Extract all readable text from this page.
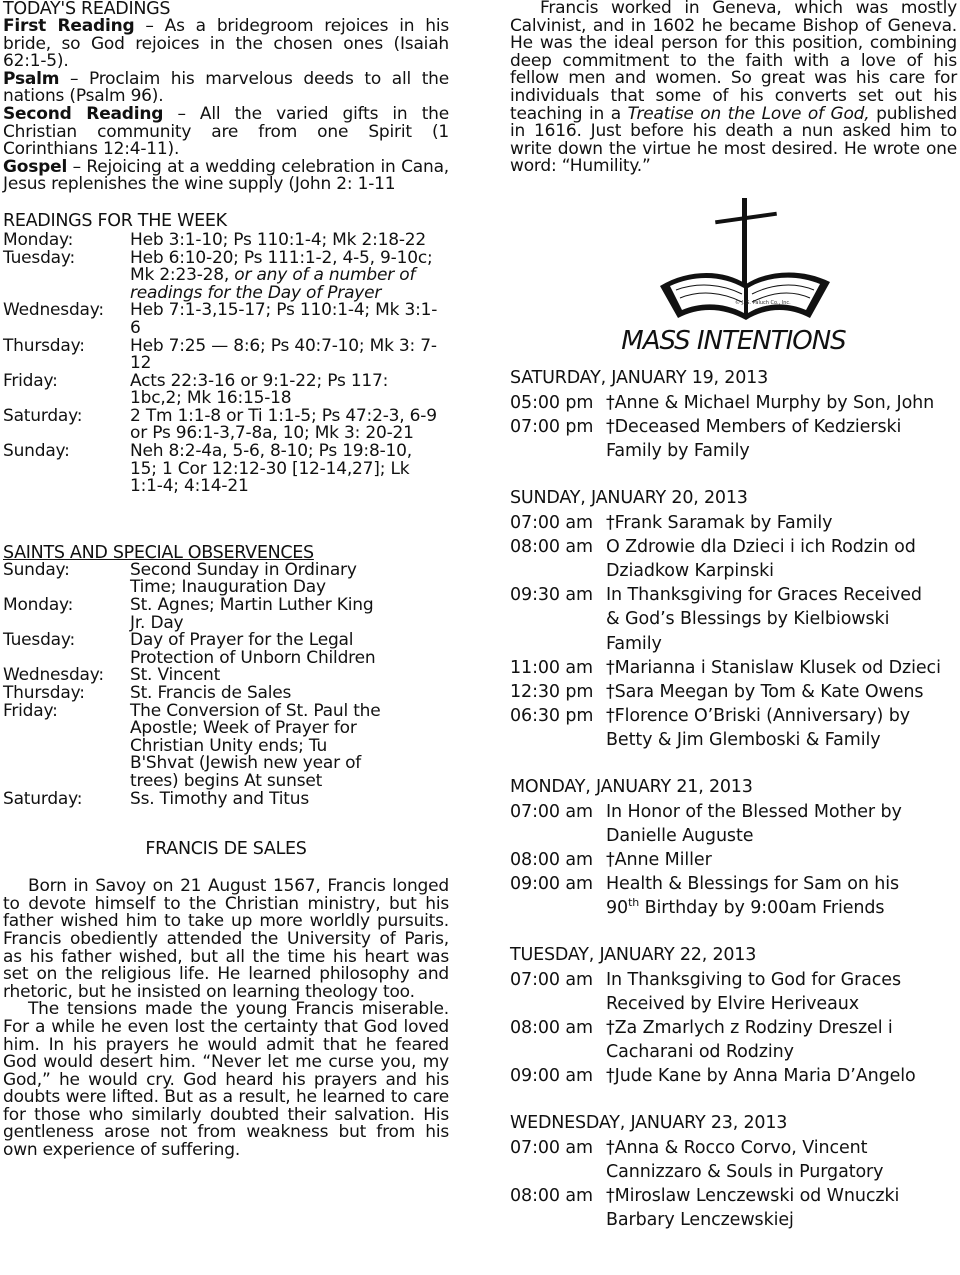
TODAY'S READINGS

First Reading – As a bridegroom rejoices in his bride, so God rejoices in the chosen ones (Isaiah 62:1-5).

Psalm – Proclaim his marvelous deeds to all the nations (Psalm 96).

Second Reading – All the varied gifts in the Christian community are from one Spirit (1 Corinthians 12:4-11).

Gospel – Rejoicing at a wedding celebration in Cana, Jesus replenishes the wine supply (John 2: 1-11

READINGS FOR THE WEEK
Monday:	Heb 3:1-10; Ps 110:1-4; Mk 2:18-22
Tuesday:	Heb 6:10-20; Ps 111:1-2, 4-5, 9-10c; Mk 2:23-28, or any of a number of readings for the Day of Prayer
Wednesday:	Heb 7:1-3,15-17; Ps 110:1-4; Mk 3:1-6
Thursday:	Heb 7:25 — 8:6; Ps 40:7-10; Mk 3: 7-12
Friday:	Acts 22:3-16 or 9:1-22; Ps 117: 1bc,2; Mk 16:15-18
Saturday:	2 Tm 1:1-8 or Ti 1:1-5; Ps 47:2-3, 6-9 or Ps 96:1-3,7-8a, 10; Mk 3: 20-21
Sunday:	Neh 8:2-4a, 5-6, 8-10; Ps 19:8-10, 15; 1 Cor 12:12-30 [12-14,27]; Lk 1:1-4; 4:14-21
SAINTS AND SPECIAL OBSERVENCES
Sunday:	Second Sunday in Ordinary Time; Inauguration Day
Monday:	St. Agnes; Martin Luther King Jr. Day
Tuesday:	Day of Prayer for the Legal Protection of Unborn Children
Wednesday:	St. Vincent
Thursday:	St. Francis de Sales
Friday:	The Conversion of St. Paul the Apostle; Week of Prayer for Christian Unity ends; Tu B'Shvat (Jewish new year of trees) begins At sunset
Saturday:	Ss. Timothy and Titus
FRANCIS DE SALES

Born in Savoy on 21 August 1567, Francis longed to devote himself to the Christian ministry, but his father wished him to take up more worldly pursuits. Francis obediently attended the University of Paris, as his father wished, but all the time his heart was set on the religious life. He learned philosophy and rhetoric, but he insisted on learning theology too.

The tensions made the young Francis miserable. For a while he even lost the certainty that God loved him. In his prayers he would admit that he feared God would desert him. “Never let me curse you, my God,” he would cry. God heard his prayers and his doubts were lifted. But as a result, he learned to care for those who similarly doubted their salvation. His gentleness arose not from weakness but from his own experience of suffering.

Francis worked in Geneva, which was mostly Calvinist, and in 1602 he became Bishop of Geneva. He was the ideal person for this position, combining deep commitment to the faith with a love of his fellow men and women. So great was his care for individuals that some of his converts set out his teaching in a Treatise on the Love of God, published in 1616. Just before his death a nun asked him to write down the virtue he most desired. He wrote one word: “Humility.”

© J. S. Paluch Co., Inc.
MASS INTENTIONS
SATURDAY, JANUARY 19, 2013
05:00 pm †Anne & Michael Murphy by Son, John
07:00 pm †Deceased Members of Kedzierski
Family by Family
SUNDAY, JANUARY 20, 2013
07:00 am †Frank Saramak by Family
08:00 am O Zdrowie dla Dzieci i ich Rodzin od
Dziadkow Karpinski
09:30 am In Thanksgiving for Graces Received
& God’s Blessings by Kielbiowski
Family
11:00 am †Marianna i Stanislaw Klusek od Dzieci
12:30 pm †Sara Meegan by Tom & Kate Owens
06:30 pm †Florence O’Briski (Anniversary) by
Betty & Jim Glemboski & Family
MONDAY, JANUARY 21, 2013
07:00 am In Honor of the Blessed Mother by
Danielle Auguste
08:00 am †Anne Miller
09:00 am Health & Blessings for Sam on his
90th Birthday by 9:00am Friends
TUESDAY, JANUARY 22, 2013
07:00 am In Thanksgiving to God for Graces
Received by Elvire Heriveaux
08:00 am †Za Zmarlych z Rodziny Dreszel i
Cacharani od Rodziny
09:00 am †Jude Kane by Anna Maria D’Angelo
WEDNESDAY, JANUARY 23, 2013
07:00 am †Anna & Rocco Corvo, Vincent
Cannizzaro & Souls in Purgatory
08:00 am †Miroslaw Lenczewski od Wnuczki
Barbary Lenczewskiej
